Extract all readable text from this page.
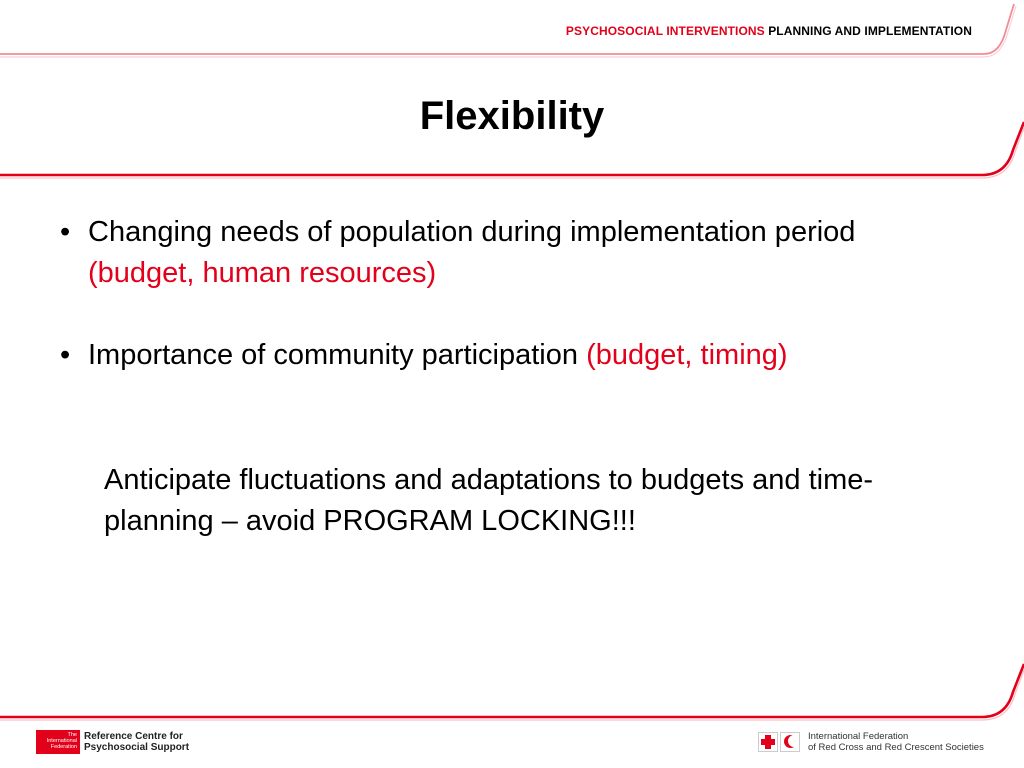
PSYCHOSOCIAL INTERVENTIONS PLANNING AND IMPLEMENTATION
Flexibility
• Changing needs of population during implementation period (budget, human resources)
• Importance of community participation (budget, timing)
Anticipate fluctuations and adaptations to budgets and time-planning – avoid PROGRAM LOCKING!!!
The
International
Federation
Reference Centre for
Psychosocial Support
International Federation
of Red Cross and Red Crescent Societies
